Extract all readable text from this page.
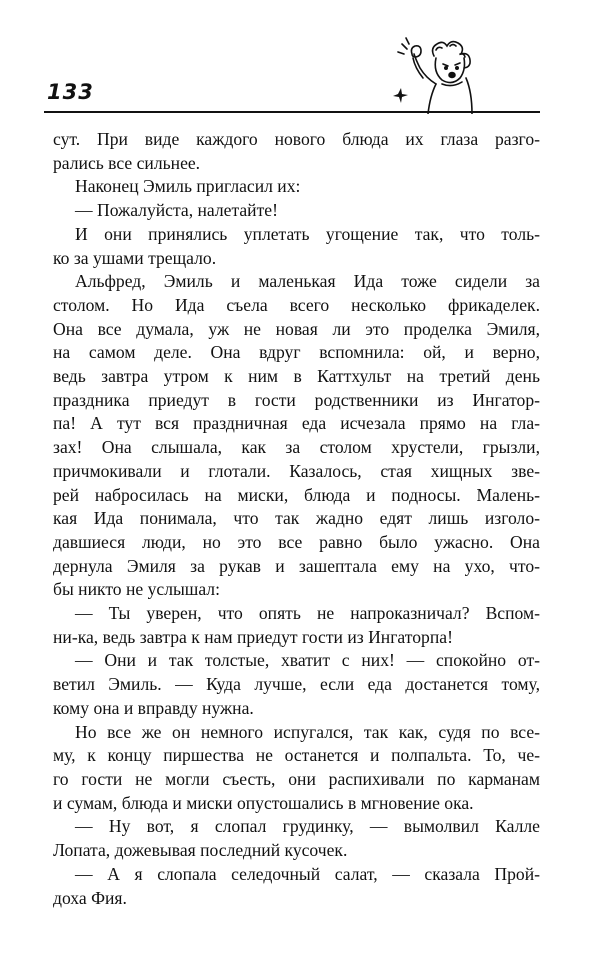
133

сут. При виде каждого нового блюда их глаза разго-

рались все сильнее.

Наконец Эмиль пригласил их:

— Пожалуйста, налетайте!

И они принялись уплетать угощение так, что толь-

ко за ушами трещало.

Альфред, Эмиль и маленькая Ида тоже сидели за

столом. Но Ида съела всего несколько фрикаделек.

Она все думала, уж не новая ли это проделка Эмиля,

на самом деле. Она вдруг вспомнила: ой, и верно,

ведь завтра утром к ним в Каттхульт на третий день

праздника приедут в гости родственники из Ингатор-

па! А тут вся праздничная еда исчезала прямо на гла-

зах! Она слышала, как за столом хрустели, грызли,

причмокивали и глотали. Казалось, стая хищных зве-

рей набросилась на миски, блюда и подносы. Малень-

кая Ида понимала, что так жадно едят лишь изголо-

давшиеся люди, но это все равно было ужасно. Она

дернула Эмиля за рукав и зашептала ему на ухо, что-

бы никто не услышал:

— Ты уверен, что опять не напроказничал? Вспом-

ни-ка, ведь завтра к нам приедут гости из Ингаторпа!

— Они и так толстые, хватит с них! — спокойно от-

ветил Эмиль. — Куда лучше, если еда достанется тому,

кому она и вправду нужна.

Но все же он немного испугался, так как, судя по все-

му, к концу пиршества не останется и полпальта. То, че-

го гости не могли съесть, они распихивали по карманам

и сумам, блюда и миски опустошались в мгновение ока.

— Ну вот, я слопал грудинку, — вымолвил Калле

Лопата, дожевывая последний кусочек.

— А я слопала селедочный салат, — сказала Прой-

доха Фия.
